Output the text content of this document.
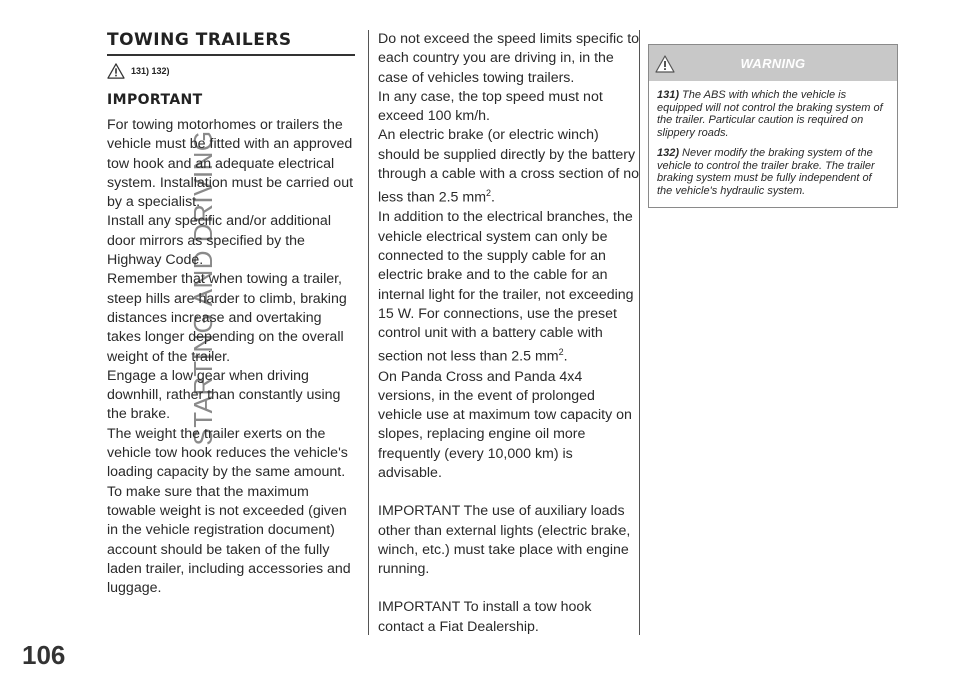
STARTING AND DRIVING
106
TOWING TRAILERS
131) 132)
IMPORTANT

For towing motorhomes or trailers the vehicle must be fitted with an approved tow hook and an adequate electrical system. Installation must be carried out by a specialist.
Install any specific and/or additional door mirrors as specified by the Highway Code.
Remember that when towing a trailer, steep hills are harder to climb, braking distances increase and overtaking takes longer depending on the overall weight of the trailer.
Engage a low gear when driving downhill, rather than constantly using the brake.
The weight the trailer exerts on the vehicle tow hook reduces the vehicle's loading capacity by the same amount. To make sure that the maximum towable weight is not exceeded (given in the vehicle registration document) account should be taken of the fully laden trailer, including accessories and luggage.

Do not exceed the speed limits specific to each country you are driving in, in the case of vehicles towing trailers.
In any case, the top speed must not exceed 100 km/h.
An electric brake (or electric winch) should be supplied directly by the battery through a cable with a cross section of no less than 2.5 $mm^2$.

In addition to the electrical branches, the vehicle electrical system can only be connected to the supply cable for an electric brake and to the cable for an internal light for the trailer, not exceeding 15 W. For connections, use the preset control unit with a battery cable with section not less than 2.5 $mm^2$.

On Panda Cross and Panda 4x4 versions, in the event of prolonged vehicle use at maximum tow capacity on slopes, replacing engine oil more frequently (every 10,000 km) is advisable.

IMPORTANT The use of auxiliary loads other than external lights (electric brake, winch, etc.) must take place with engine running.

IMPORTANT To install a tow hook contact a Fiat Dealership.

WARNING

131) The ABS with which the vehicle is equipped will not control the braking system of the trailer. Particular caution is required on slippery roads.

132) Never modify the braking system of the vehicle to control the trailer brake. The trailer braking system must be fully independent of the vehicle's hydraulic system.
